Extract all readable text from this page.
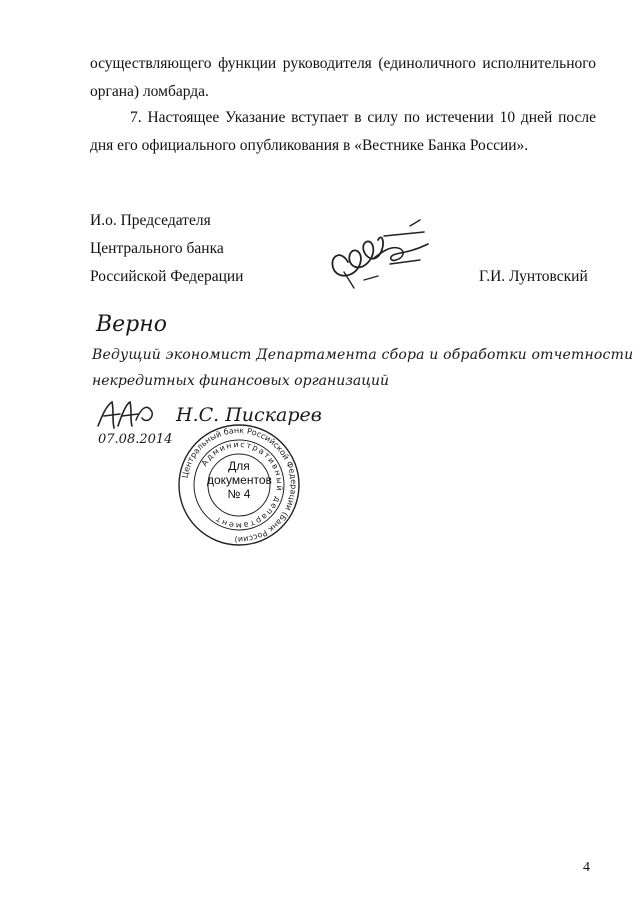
осуществляющего функции руководителя (единоличного исполнительного органа) ломбарда.

7. Настоящее Указание вступает в силу по истечении 10 дней после дня его официального опубликования в «Вестнике Банка России».

И.о. Председателя
Центрального банка
Российской Федерации	Г.И. Лунтовский
Верно
Ведущий экономист Департамента сбора и обработки отчетности
некредитных финансовых организаций
Н.С. Пискарев
07.08.2014
Центральный банк Российской Федерации (Банк России)
Административный департамент
Для
документов
№ 4
4
